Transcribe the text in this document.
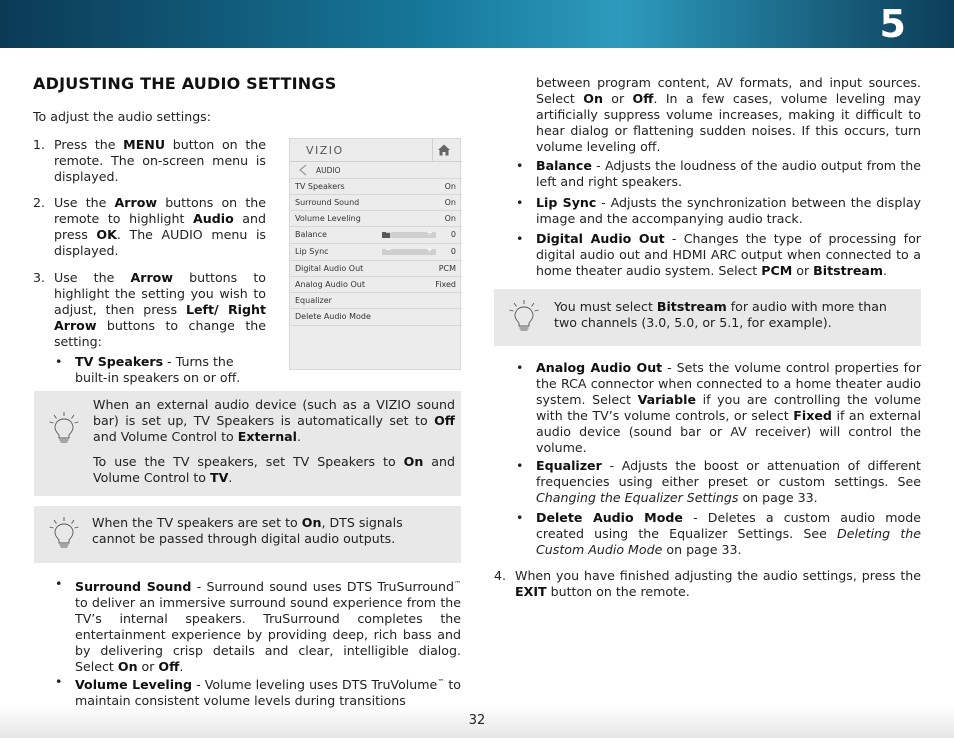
5
32
ADJUSTING THE AUDIO SETTINGS
To adjust the audio settings:
1. Press the MENU button on the remote. The on-screen menu is displayed.
2. Use the Arrow buttons on the remote to highlight Audio and press OK. The AUDIO menu is displayed.
3. Use the Arrow buttons to highlight the setting you wish to adjust, then press Left/ Right Arrow buttons to change the setting:
• TV Speakers - Turns the built-in speakers on or off.
VIZIO
AUDIO
TV Speakers	On
Surround Sound	On
Volume Leveling	On
Balance	−	+ 0
Lip Sync	−	+ 0
Digital Audio Out	PCM
Analog Audio Out	Fixed
Equalizer
Delete Audio Mode
When an external audio device (such as a VIZIO sound bar) is set up, TV Speakers is automatically set to Off and Volume Control to External.
To use the TV speakers, set TV Speakers to On and Volume Control to TV.
When the TV speakers are set to On, DTS signals cannot be passed through digital audio outputs.
• Surround Sound - Surround sound uses DTS TruSurround™ to deliver an immersive surround sound experience from the TV’s internal speakers. TruSurround completes the entertainment experience by providing deep, rich bass and by delivering crisp details and clear, intelligible dialog. Select On or Off.
• Volume Leveling - Volume leveling uses DTS TruVolume™ to maintain consistent volume levels during transitions
between program content, AV formats, and input sources. Select On or Off. In a few cases, volume leveling may artificially suppress volume increases, making it difficult to hear dialog or flattening sudden noises. If this occurs, turn volume leveling off.
• Balance - Adjusts the loudness of the audio output from the left and right speakers.
• Lip Sync - Adjusts the synchronization between the display image and the accompanying audio track.
• Digital Audio Out - Changes the type of processing for digital audio out and HDMI ARC output when connected to a home theater audio system. Select PCM or Bitstream.
You must select Bitstream for audio with more than two channels (3.0, 5.0, or 5.1, for example).
• Analog Audio Out - Sets the volume control properties for the RCA connector when connected to a home theater audio system. Select Variable if you are controlling the volume with the TV’s volume controls, or select Fixed if an external audio device (sound bar or AV receiver) will control the volume.
• Equalizer - Adjusts the boost or attenuation of different frequencies using either preset or custom settings. See Changing the Equalizer Settings on page 33.
• Delete Audio Mode - Deletes a custom audio mode created using the Equalizer Settings. See Deleting the Custom Audio Mode on page 33.
4. When you have finished adjusting the audio settings, press the EXIT button on the remote.
